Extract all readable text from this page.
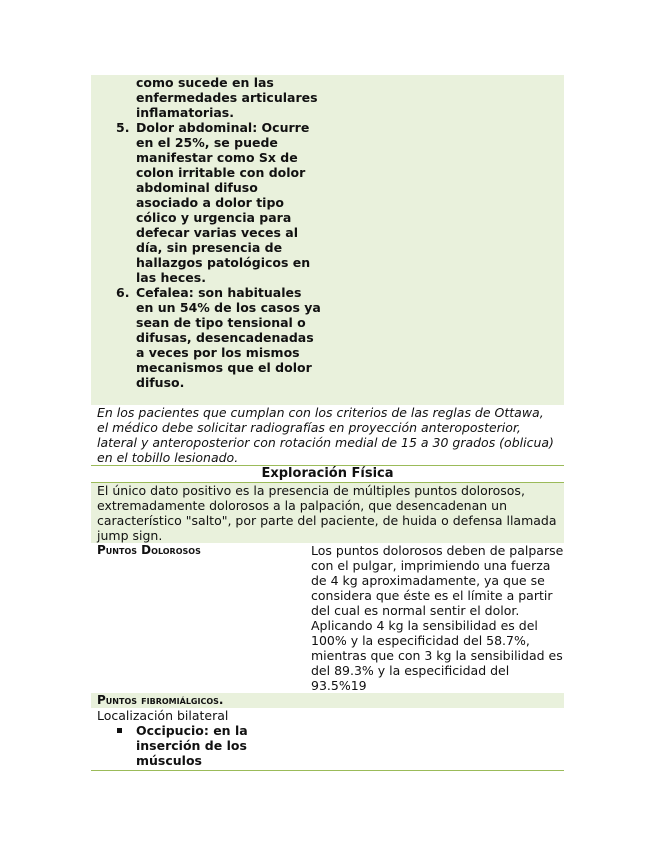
como sucede en las enfermedades articulares inflamatorias.
5. Dolor abdominal: Ocurre en el 25%, se puede manifestar como Sx de colon irritable con dolor abdominal difuso asociado a dolor tipo cólico y urgencia para defecar varias veces al día, sin presencia de hallazgos patológicos en las heces.
6. Cefalea: son habituales en un 54% de los casos ya sean de tipo tensional o difusas, desencadenadas a veces por los mismos mecanismos que el dolor difuso.
En los pacientes que cumplan con los criterios de las reglas de Ottawa, el médico debe solicitar radiografías en proyección anteroposterior, lateral y anteroposterior con rotación medial de 15 a 30 grados (oblicua) en el tobillo lesionado.
Exploración Física
El único dato positivo es la presencia de múltiples puntos dolorosos, extremadamente dolorosos a la palpación, que desencadenan un característico "salto", por parte del paciente, de huida o defensa llamada jump sign.
Puntos Dolorosos	Los puntos dolorosos deben de palparse con el pulgar, imprimiendo una fuerza de 4 kg aproximadamente, ya que se considera que éste es el límite a partir del cual es normal sentir el dolor. Aplicando 4 kg la sensibilidad es del 100% y la especificidad del 58.7%, mientras que con 3 kg la sensibilidad es del 89.3% y la especificidad del 93.5%19
Puntos fibromiálgicos.
Localización bilateral
Occipucio: en la inserción de los músculos
